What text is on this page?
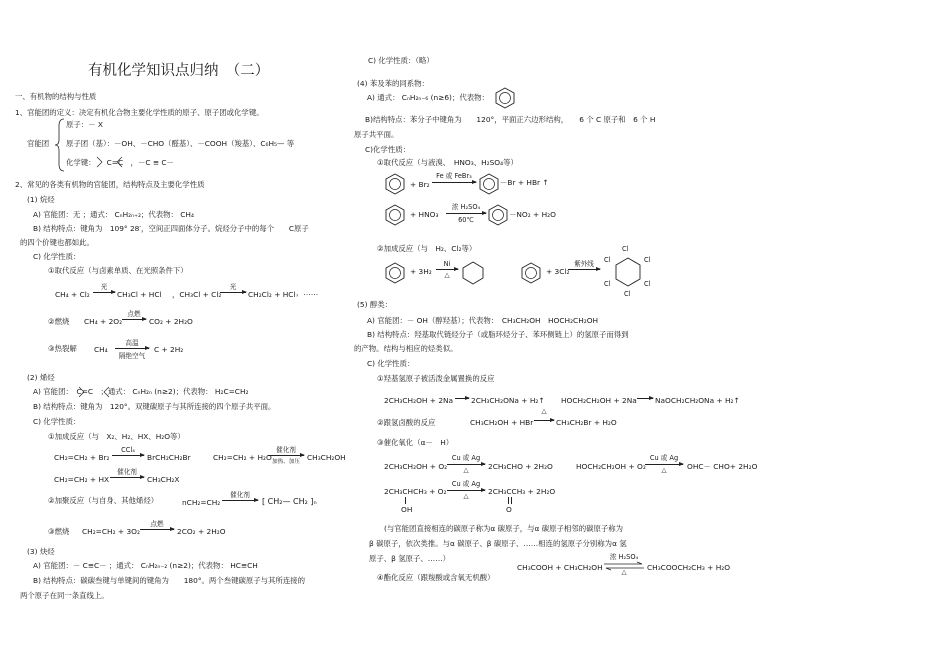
有机化学知识点归纳　（二）
一、有机物的结构与性质
1、官能团的定义：决定有机化合物主要化学性质的原子、原子团或化学键。
官能团
原子：－ X
原子团（基）：－OH、－CHO（醛基）、－COOH（羧基）、C₆H₅— 等
化学键：　　C=C　，－C ≡ C－
2、常见的各类有机物的官能团，结构特点及主要化学性质
(1) 烷烃
A) 官能团：无 ；通式： CₙH₂ₙ₊₂；代表物： CH₄
B) 结构特点：键角为　109° 28′，空间正四面体分子。烷烃分子中的每个　　C原子
的四个价键也都如此。
C) 化学性质：
①取代反应（与卤素单质、在光照条件下）
CH₄ + Cl₂
光
→ CH₃Cl + HCl ，CH₃Cl + Cl₂
光
→ CH₂Cl₂ + HCl ，……
②燃烧 CH₄ + 2O₂
点燃
→ CO₂ + 2H₂O
③热裂解 CH₄
高温
隔绝空气
C + 2H₂
(2) 烯烃
A) 官能团：　C=C　；通式： CₙH₂ₙ (n≥2)；代表物： H₂C=CH₂
B) 结构特点：键角为　120°。双键碳原子与其所连接的四个原子共平面。
C) 化学性质：
①加成反应（与　X₂、H₂、HX、H₂O等）
CH₂=CH₂ + Br₂
CCl₄
→ BrCH₂CH₂Br	CH₂=CH₂ + H₂O
催化剂
加热、加压 CH₃CH₂OH
CH₂=CH₂ + HX
催化剂
→ CH₃CH₂X
②加聚反应（与自身、其他烯烃）	nCH₂=CH₂
催化剂
→ [ CH₂— CH₂ ]ₙ
③燃烧 CH₂=CH₂ + 3O₂
点燃
→ 2CO₂ + 2H₂O
(3) 炔烃
A) 官能团：－ C≡C－ ；通式： CₙH₂ₙ₋₂ (n≥2)；代表物： HC≡CH
B) 结构特点：碳碳叁键与单键间的键角为　　180°。两个叁键碳原子与其所连接的
两个原子在同一条直线上。
C) 化学性质：（略）
(4) 苯及苯的同系物：
A) 通式： CₙH₂ₙ₋₆ (n≥6)；代表物：
B)结构特点：苯分子中键角为　　120°，平面正六边形结构，　　6 个 C 原子和　6 个 H
原子共平面。
C)化学性质：
①取代反应（与液溴、　HNO₃、H₂SO₄等）
+ Br₂
Fe 或 FeBr₃
→	－Br + HBr ↑
+ HNO₃
浓 H₂SO₄
60℃
－NO₂ + H₂O
②加成反应（与　H₂、Cl₂等）
+ 3H₂
Ni
△	+ 3Cl₂
紫外线
Cl
Cl
Cl
Cl
Cl
Cl
(5) 醇类：
A) 官能团：－ OH（醇羟基）；代表物：　CH₃CH₂OH　HOCH₂CH₂OH
B) 结构特点：羟基取代链烃分子（或脂环烃分子、苯环侧链上）的氢原子而得到
的产物。结构与相应的烃类似。
C) 化学性质：
①羟基氢原子被活泼金属置换的反应
2CH₃CH₂OH + 2Na → 2CH₃CH₂ONa + H₂↑ HOCH₂CH₂OH + 2Na → NaOCH₂CH₂ONa + H₂↑
②跟氢卤酸的反应	CH₃CH₂OH + HBr →
△
CH₃CH₂Br + H₂O
③催化氧化（α－　H）
2CH₃CH₂OH + O₂
Cu 或 Ag
△	2CH₃CHO + 2H₂O	HOCH₂CH₂OH + O₂
Cu 或 Ag
△	OHC－ CHO+ 2H₂O
2CH₃CHCH₃ + O₂
OH
Cu 或 Ag
△	2CH₃CCH₃ + 2H₂O
O
(与官能团直接相连的碳原子称为α 碳原子，与α 碳原子相邻的碳原子称为
β 碳原子，依次类推。与α 碳原子、β 碳原子、……相连的氢原子分别称为α 氢
原子、β 氢原子、……）
④酯化反应（跟羧酸或含氧无机酸）
CH₃COOH + CH₃CH₂OH
浓 H₂SO₄
△	CH₃COOCH₂CH₃ + H₂O
